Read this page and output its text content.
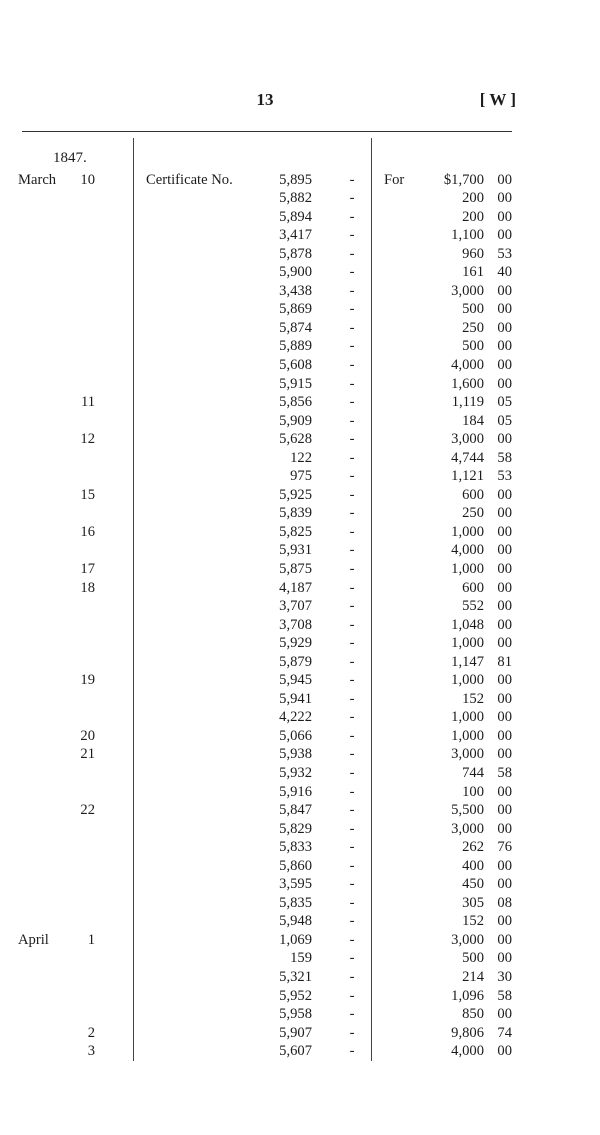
13	[ W ]
1847.
March	10	Certificate No.	5,895	- For	$1,700 00
5,882	-	200 00
5,894	-	200 00
3,417	-	1,100 00
5,878	-	960 53
5,900	-	161 40
3,438	-	3,000 00
5,869	-	500 00
5,874	-	250 00
5,889	-	500 00
5,608	-	4,000 00
5,915	-	1,600 00
11	5,856	-	1,119 05
5,909	-	184 05
12	5,628	-	3,000 00
122	-	4,744 58
975	-	1,121 53
15	5,925	-	600 00
5,839	-	250 00
16	5,825	-	1,000 00
5,931	-	4,000 00
17	5,875	-	1,000 00
18	4,187	-	600 00
3,707	-	552 00
3,708	-	1,048 00
5,929	-	1,000 00
5,879	-	1,147 81
19	5,945	-	1,000 00
5,941	-	152 00
4,222	-	1,000 00
20	5,066	-	1,000 00
21	5,938	-	3,000 00
5,932	-	744 58
5,916	-	100 00
22	5,847	-	5,500 00
5,829	-	3,000 00
5,833	-	262 76
5,860	-	400 00
3,595	-	450 00
5,835	-	305 08
5,948	-	152 00
April	1	1,069	-	3,000 00
159	-	500 00
5,321	-	214 30
5,952	-	1,096 58
5,958	-	850 00
2	5,907	-	9,806 74
3	5,607	-	4,000 00
